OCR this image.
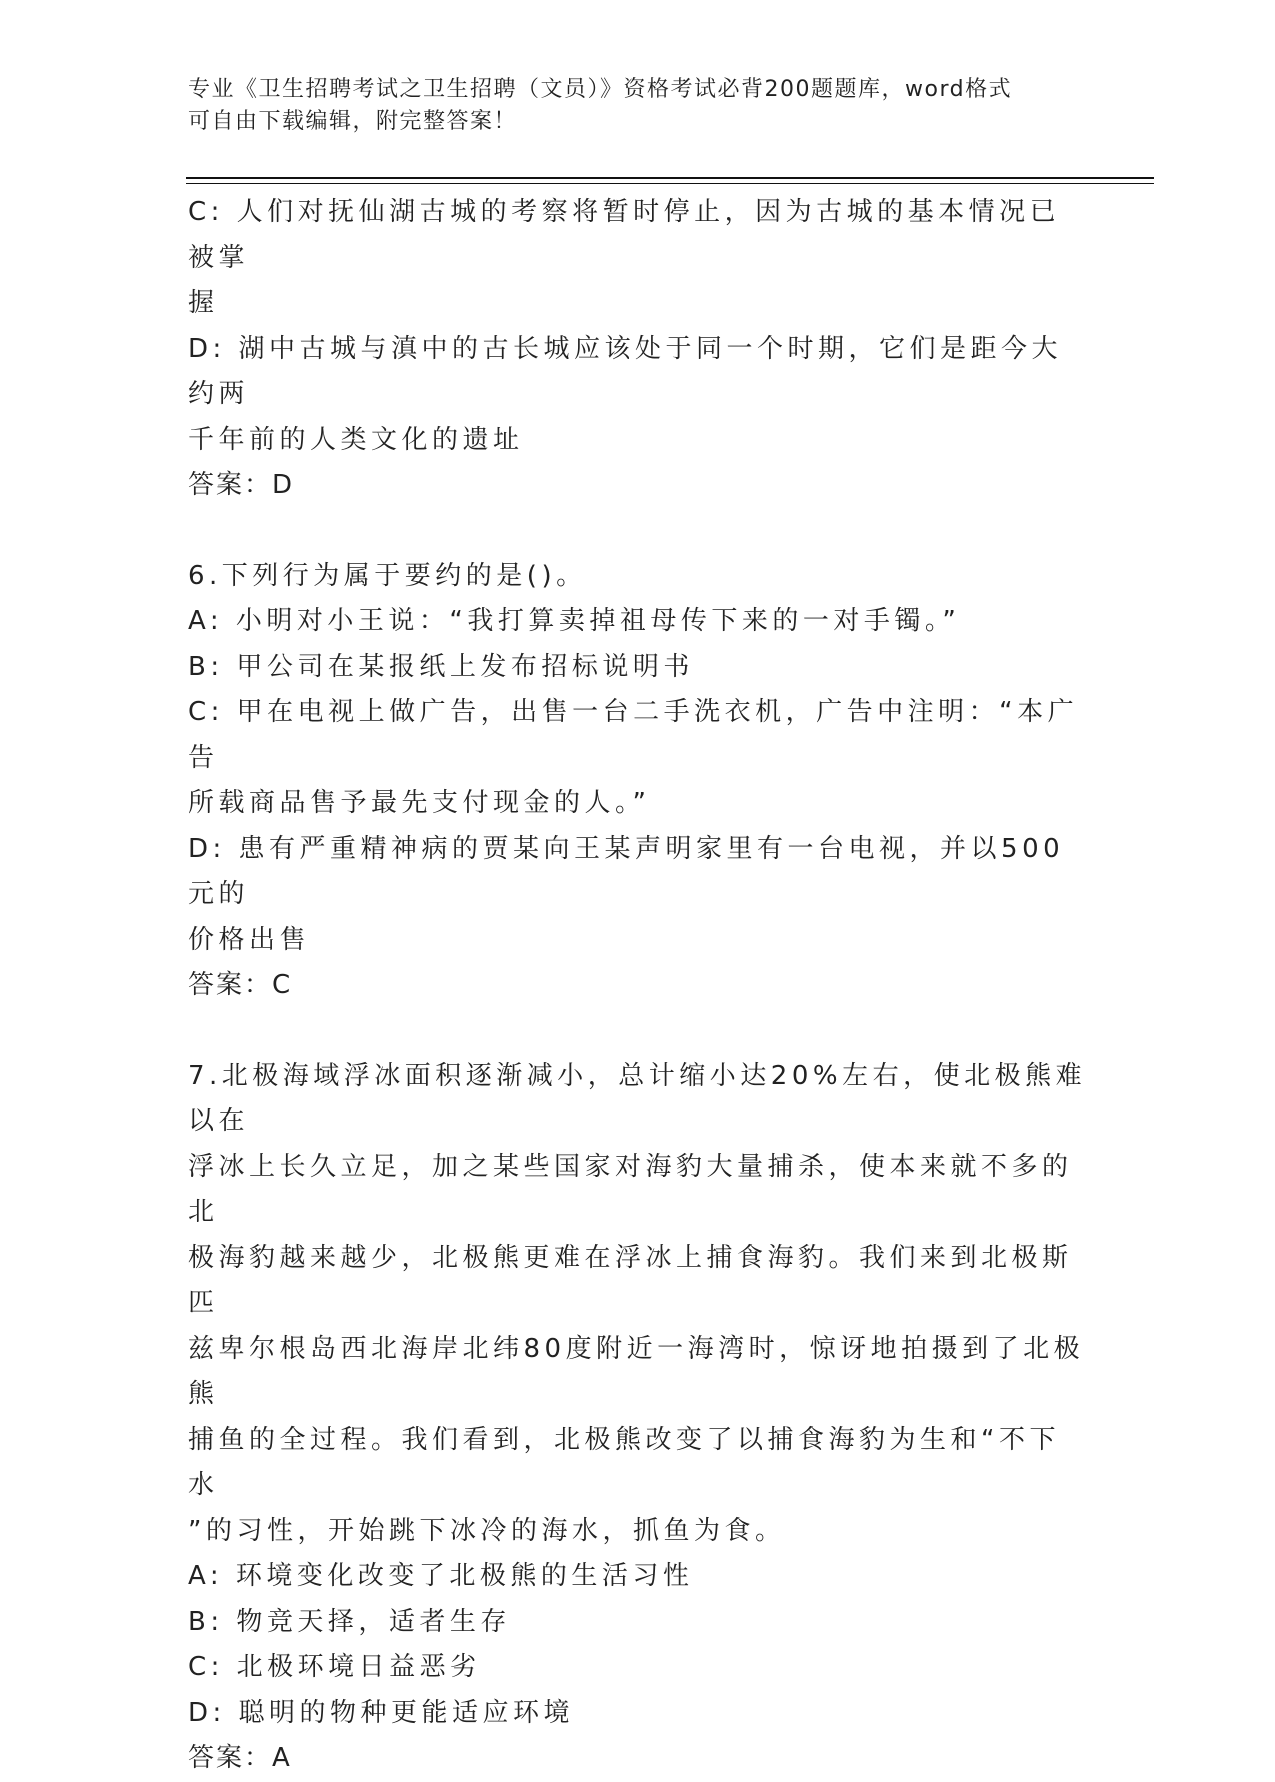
专业《卫生招聘考试之卫生招聘（文员）》资格考试必背200题题库，word格式

可自由下载编辑，附完整答案！

C: 人们对抚仙湖古城的考察将暂时停止，因为古城的基本情况已被掌

握

D: 湖中古城与滇中的古长城应该处于同一个时期，它们是距今大约两

千年前的人类文化的遗址

答案：D

6.下列行为属于要约的是()。

A: 小明对小王说：“我打算卖掉祖母传下来的一对手镯。”

B: 甲公司在某报纸上发布招标说明书

C: 甲在电视上做广告，出售一台二手洗衣机，广告中注明：“本广告

所载商品售予最先支付现金的人。”

D: 患有严重精神病的贾某向王某声明家里有一台电视，并以500元的

价格出售

答案：C

7.北极海域浮冰面积逐渐减小，总计缩小达20%左右，使北极熊难以在

浮冰上长久立足，加之某些国家对海豹大量捕杀，使本来就不多的北

极海豹越来越少，北极熊更难在浮冰上捕食海豹。我们来到北极斯匹

兹卑尔根岛西北海岸北纬80度附近一海湾时，惊讶地拍摄到了北极熊

捕鱼的全过程。我们看到，北极熊改变了以捕食海豹为生和“不下水

”的习性，开始跳下冰冷的海水，抓鱼为食。

A: 环境变化改变了北极熊的生活习性

B: 物竞天择，适者生存

C: 北极环境日益恶劣

D: 聪明的物种更能适应环境

答案：A
